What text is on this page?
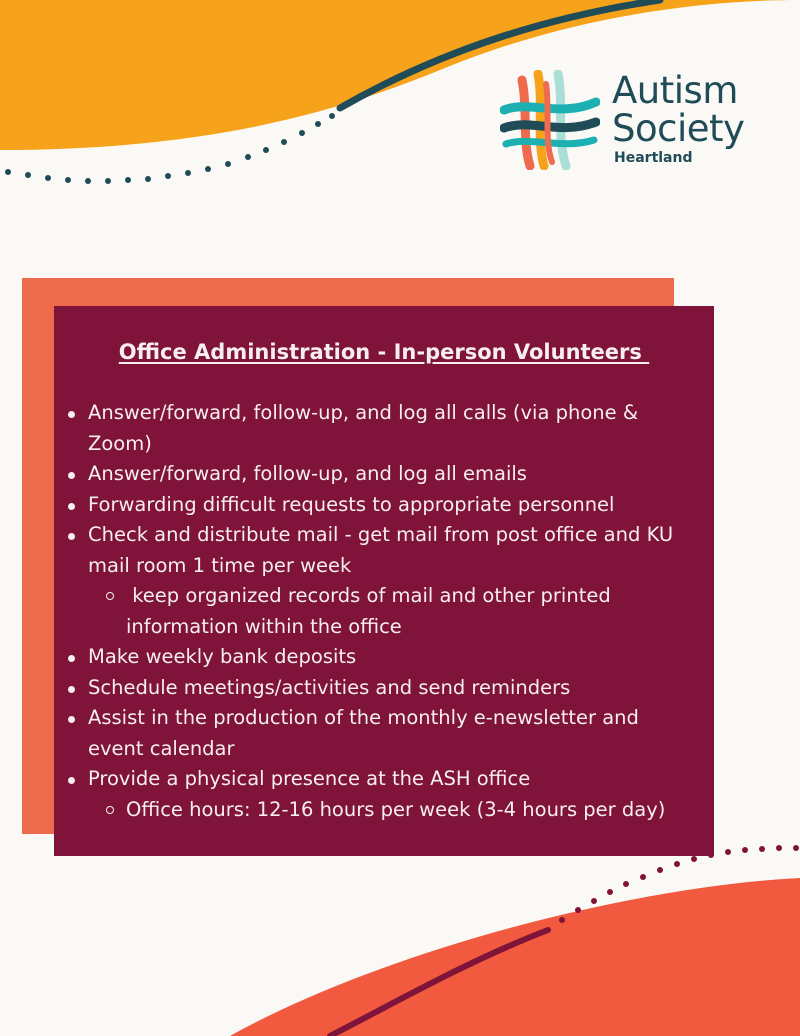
Autism
Society
Heartland
Office Administration - In-person Volunteers
Answer/forward, follow-up, and log all calls (via phone &
Zoom)
Answer/forward, follow-up, and log all emails
Forwarding difficult requests to appropriate personnel
Check and distribute mail - get mail from post office and KU
mail room 1 time per week
keep organized records of mail and other printed
information within the office
Make weekly bank deposits
Schedule meetings/activities and send reminders
Assist in the production of the monthly e-newsletter and
event calendar
Provide a physical presence at the ASH office
Office hours: 12-16 hours per week (3-4 hours per day)
